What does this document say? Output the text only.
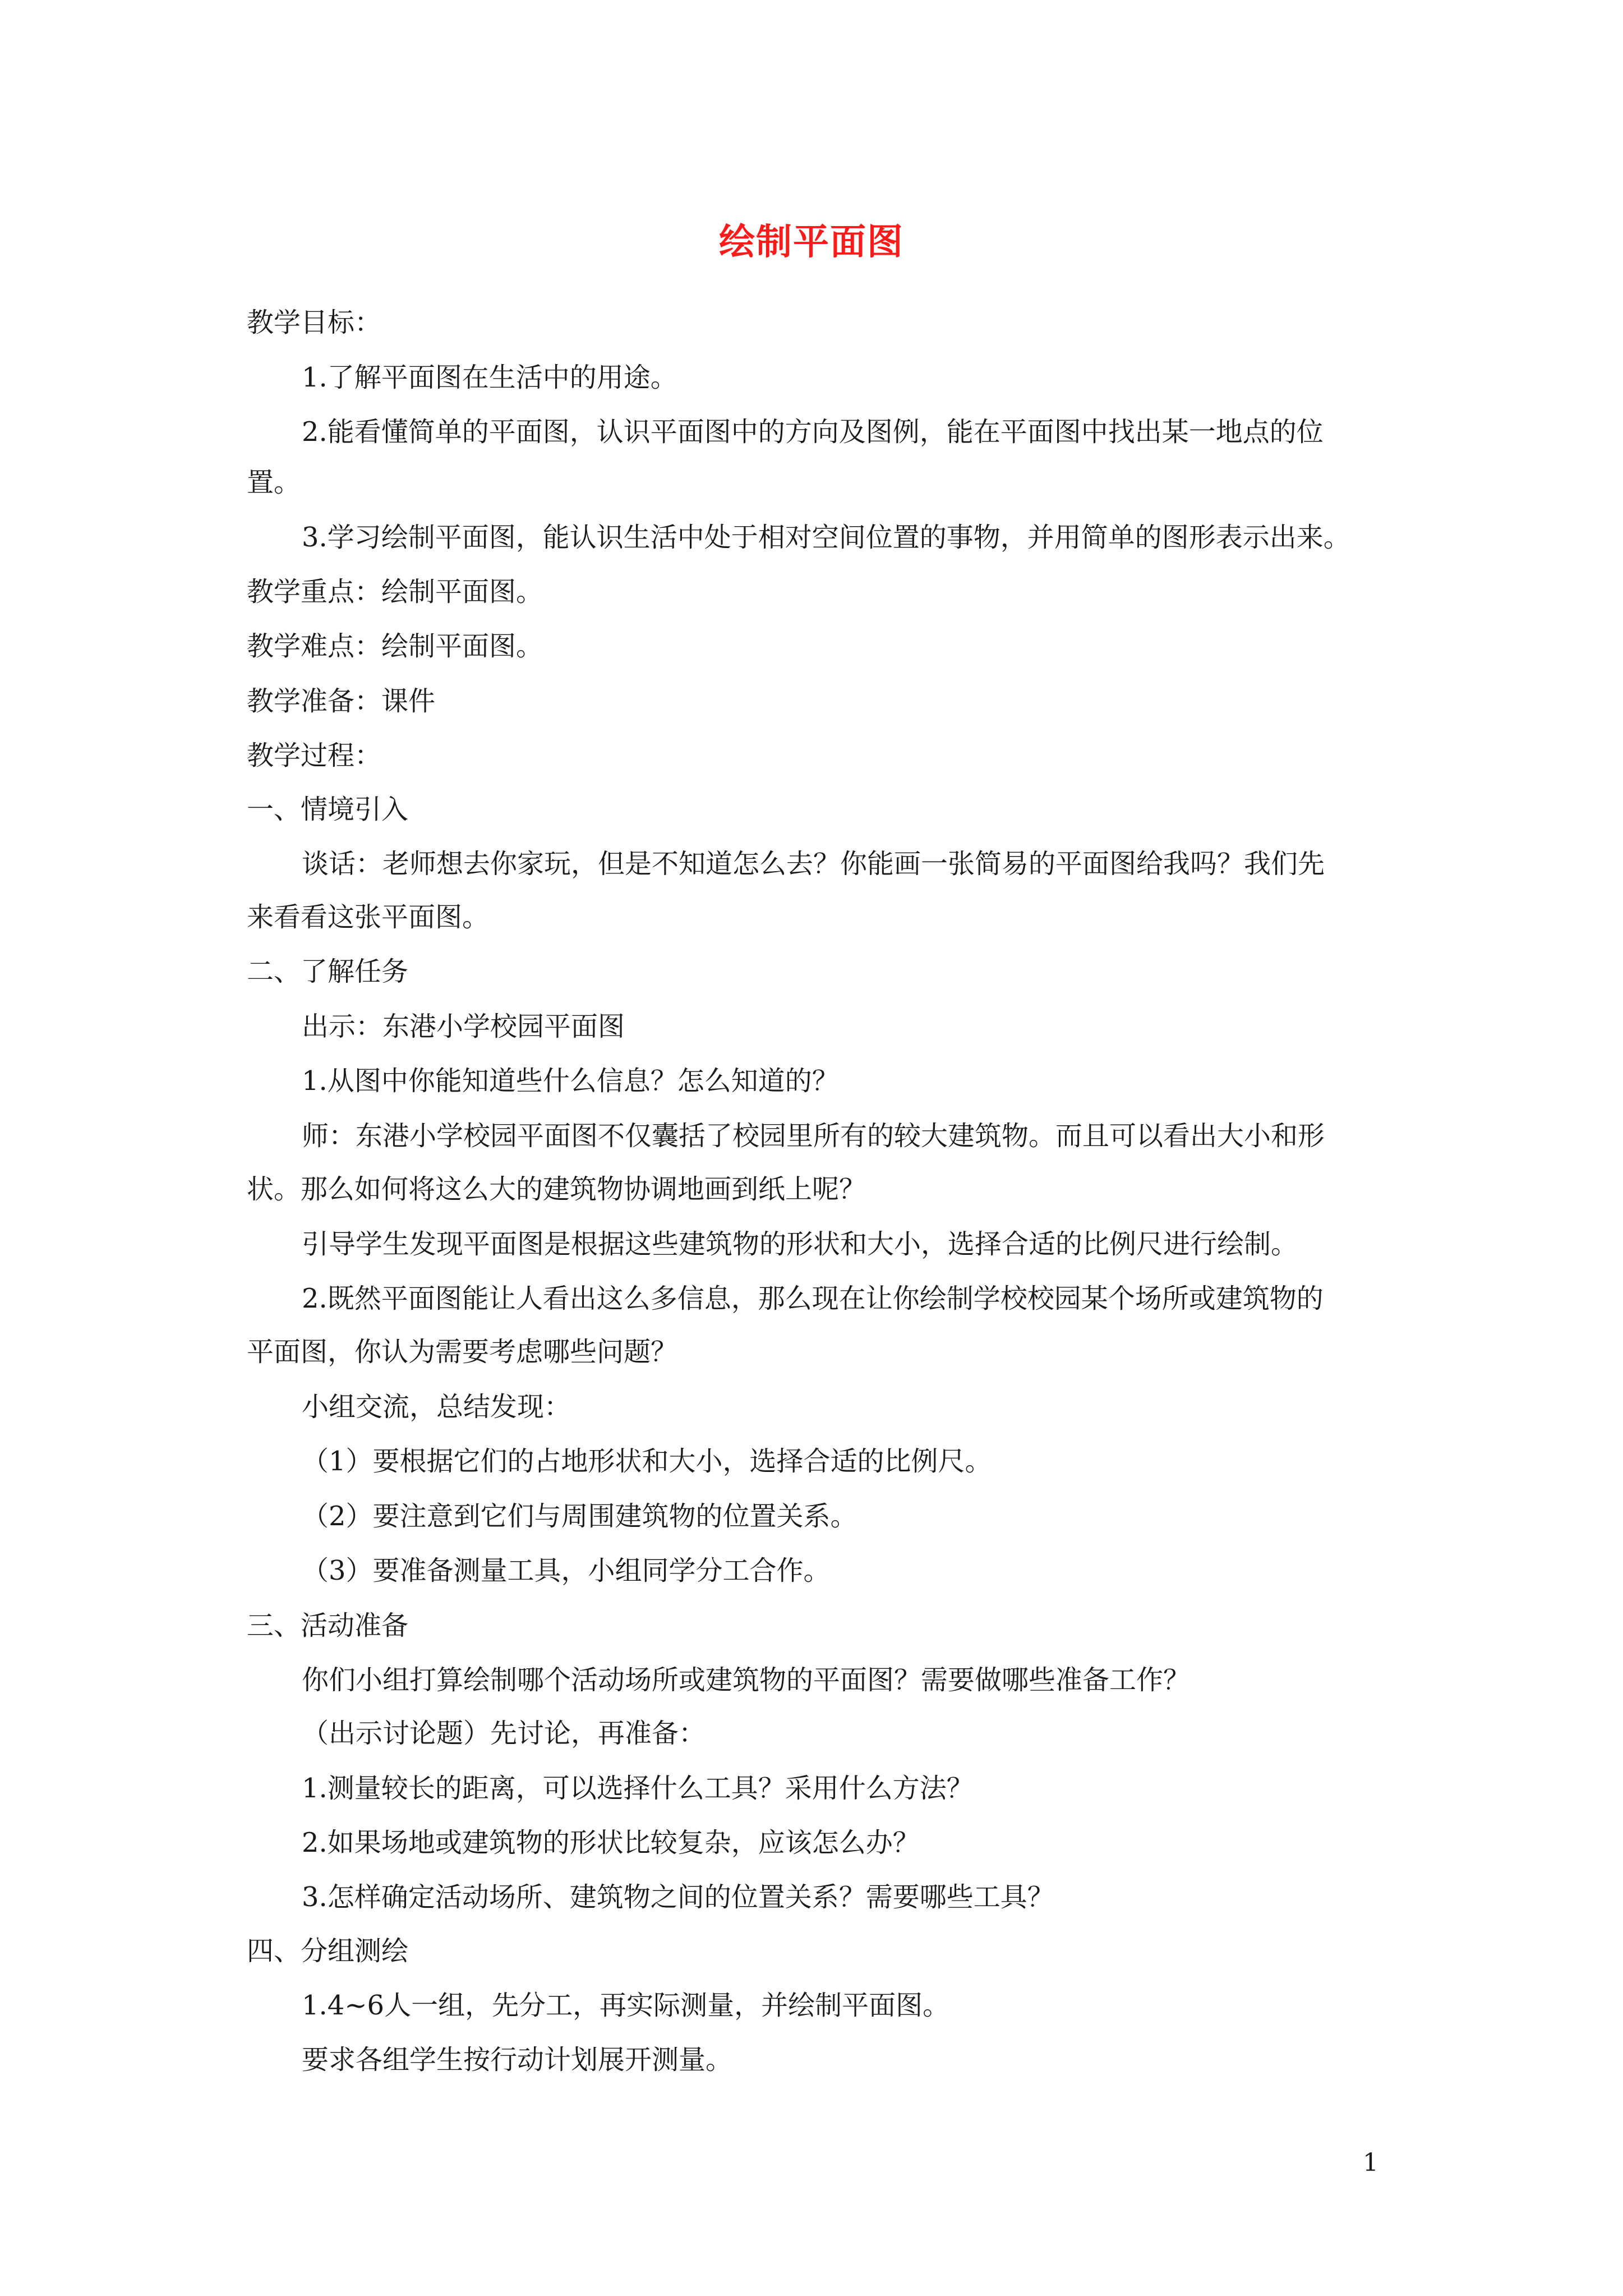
绘制平面图
教学目标：
1.了解平面图在生活中的用途。
2.能看懂简单的平面图，认识平面图中的方向及图例，能在平面图中找出某一地点的位
置。
3.学习绘制平面图，能认识生活中处于相对空间位置的事物，并用简单的图形表示出来。
教学重点：绘制平面图。
教学难点：绘制平面图。
教学准备：课件
教学过程：
一、情境引入
谈话：老师想去你家玩，但是不知道怎么去？你能画一张简易的平面图给我吗？我们先
来看看这张平面图。
二、了解任务
出示：东港小学校园平面图
1.从图中你能知道些什么信息？怎么知道的？
师：东港小学校园平面图不仅囊括了校园里所有的较大建筑物。而且可以看出大小和形
状。那么如何将这么大的建筑物协调地画到纸上呢？
引导学生发现平面图是根据这些建筑物的形状和大小，选择合适的比例尺进行绘制。
2.既然平面图能让人看出这么多信息，那么现在让你绘制学校校园某个场所或建筑物的
平面图，你认为需要考虑哪些问题？
小组交流，总结发现：
（1）要根据它们的占地形状和大小，选择合适的比例尺。
（2）要注意到它们与周围建筑物的位置关系。
（3）要准备测量工具，小组同学分工合作。
三、活动准备
你们小组打算绘制哪个活动场所或建筑物的平面图？需要做哪些准备工作？
（出示讨论题）先讨论，再准备：
1.测量较长的距离，可以选择什么工具？采用什么方法？
2.如果场地或建筑物的形状比较复杂，应该怎么办？
3.怎样确定活动场所、建筑物之间的位置关系？需要哪些工具？
四、分组测绘
1.4~6人一组，先分工，再实际测量，并绘制平面图。
要求各组学生按行动计划展开测量。
1
